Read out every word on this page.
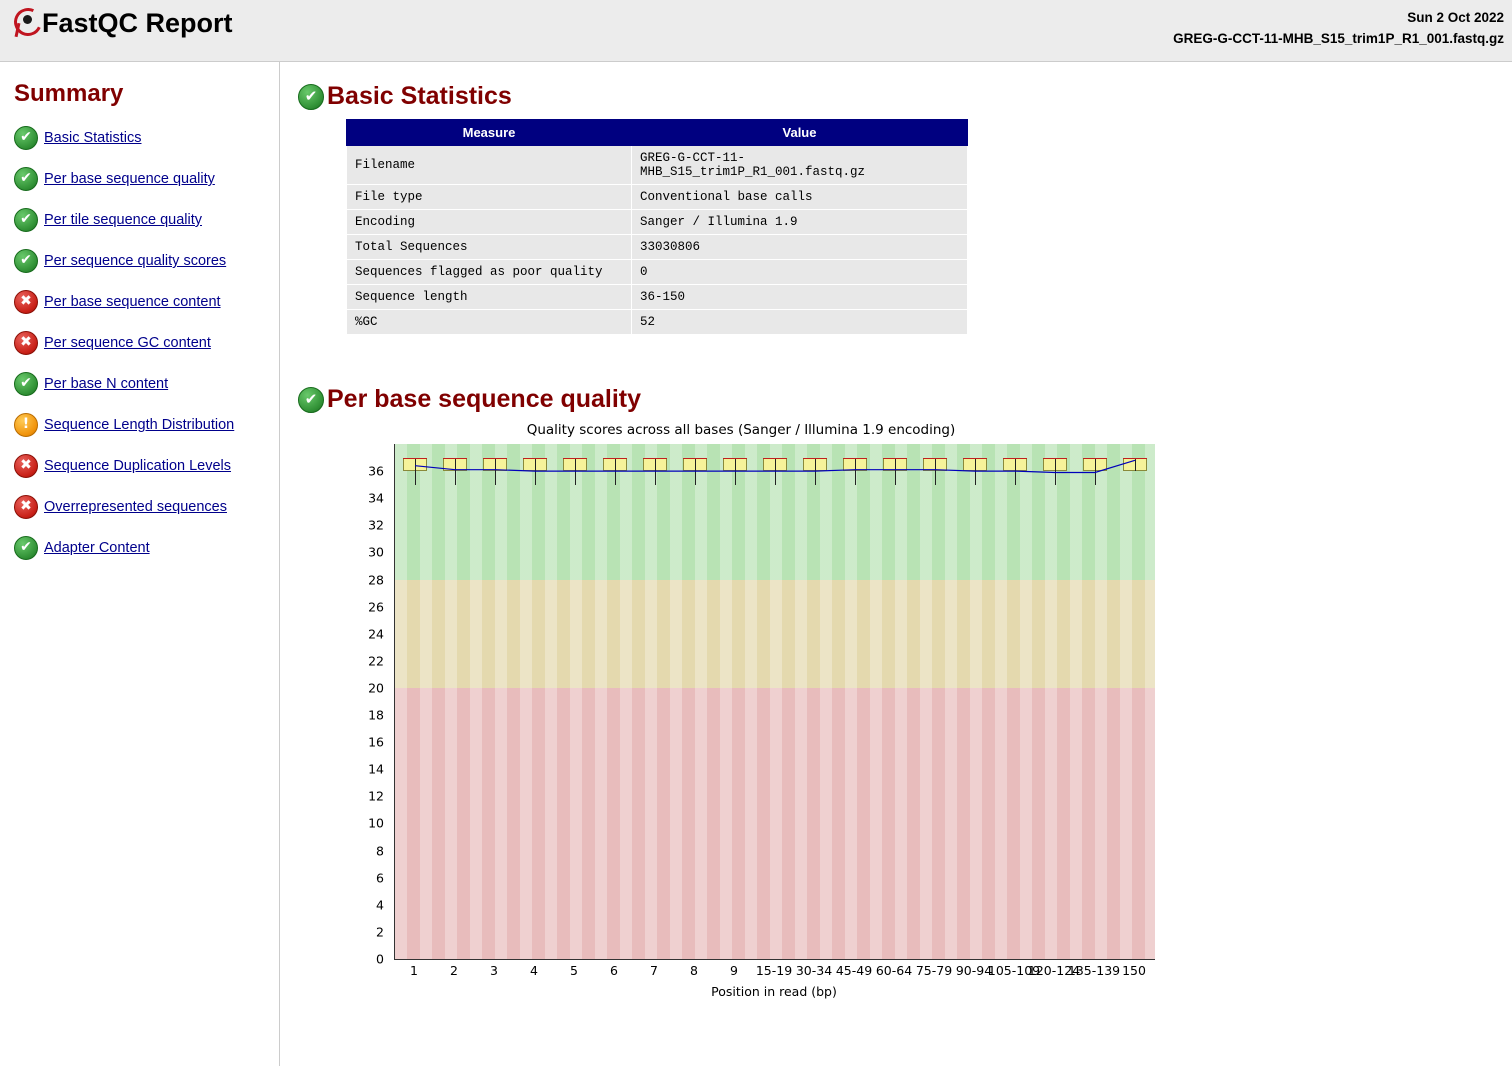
FastQC Report	Sun 2 Oct 2022
GREG-G-CCT-11-MHB_S15_trim1P_R1_001.fastq.gz
Summary
✔ Basic Statistics
✔ Per base sequence quality
✔ Per tile sequence quality
✔ Per sequence quality scores
✖ Per base sequence content
✖ Per sequence GC content
✔ Per base N content
!	Sequence Length Distribution
✖ Sequence Duplication Levels
✖ Overrepresented sequences
✔ Adapter Content
✔ Basic Statistics
Measure	Value
Filename	GREG-G-CCT-11-MHB_S15_trim1P_R1_001.fastq.gz
File type	Conventional base calls
Encoding	Sanger / Illumina 1.9
Total Sequences	33030806
Sequences flagged as poor quality	0
Sequence length	36-150
%GC	52
✔ Per base sequence quality
Quality scores across all bases (Sanger / Illumina 1.9 encoding)
0
2
4
6
8
10
12
14
16
18
20
22
24
26
28
30
32
34
36
1	2	3	4	5	6	7	8	9 15-19 30-34 45-49 60-64 75-79 90-94
105-109
120-124
135-139 150
Position in read (bp)
